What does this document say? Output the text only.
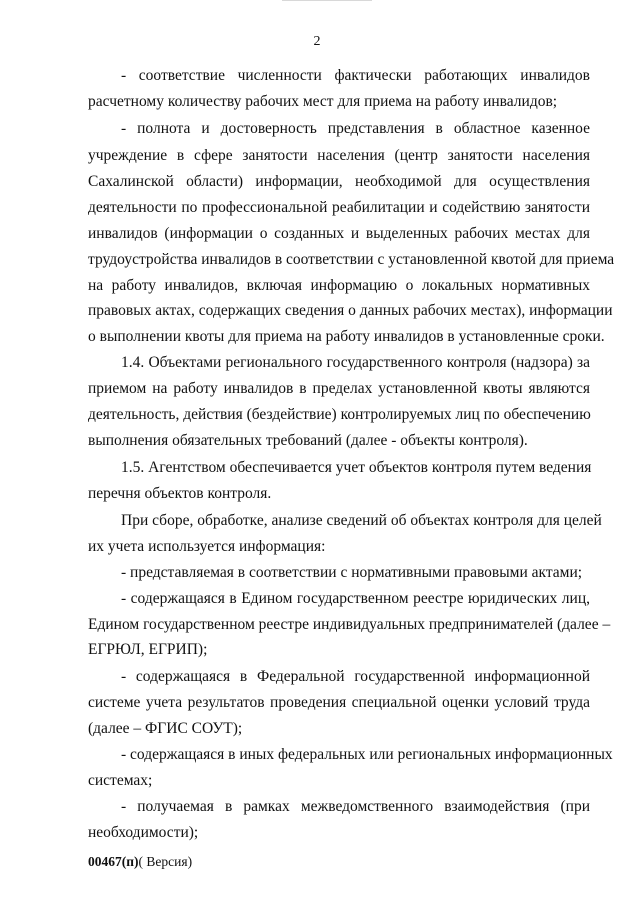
2
- соответствие численности фактически работающих инвалидов
расчетному количеству рабочих мест для приема на работу инвалидов;
- полнота и достоверность представления в областное казенное
учреждение в сфере занятости населения (центр занятости населения
Сахалинской области) информации, необходимой для осуществления
деятельности по профессиональной реабилитации и содействию занятости
инвалидов (информации о созданных и выделенных рабочих местах для
трудоустройства инвалидов в соответствии с установленной квотой для приема
на работу инвалидов, включая информацию о локальных нормативных
правовых актах, содержащих сведения о данных рабочих местах), информации
о выполнении квоты для приема на работу инвалидов в установленные сроки.
1.4. Объектами регионального государственного контроля (надзора) за
приемом на работу инвалидов в пределах установленной квоты являются
деятельность, действия (бездействие) контролируемых лиц по обеспечению
выполнения обязательных требований (далее - объекты контроля).
1.5. Агентством обеспечивается учет объектов контроля путем ведения
перечня объектов контроля.
При сборе, обработке, анализе сведений об объектах контроля для целей
их учета используется информация:
- представляемая в соответствии с нормативными правовыми актами;
- содержащаяся в Едином государственном реестре юридических лиц,
Едином государственном реестре индивидуальных предпринимателей (далее –
ЕГРЮЛ, ЕГРИП);
- содержащаяся в Федеральной государственной информационной
системе учета результатов проведения специальной оценки условий труда
(далее – ФГИС СОУТ);
- содержащаяся в иных федеральных или региональных информационных
системах;
- получаемая в рамках межведомственного взаимодействия (при
необходимости);
00467(п)( Версия)
